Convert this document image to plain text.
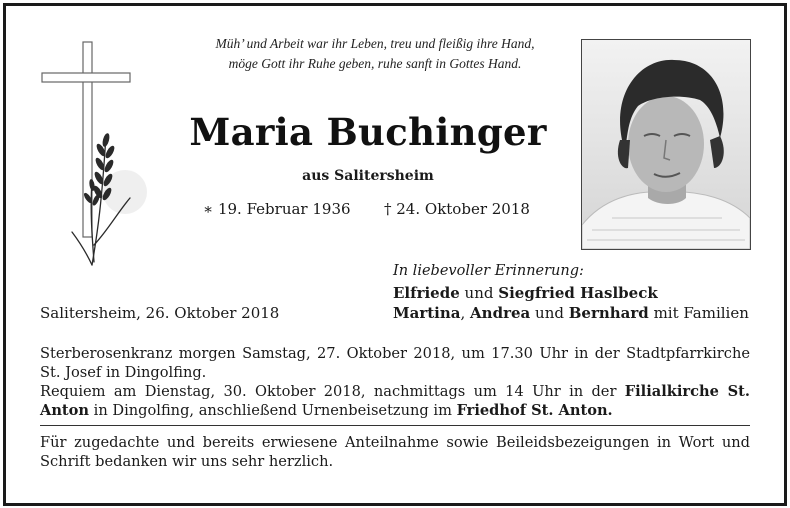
Müh’ und Arbeit war ihr Leben, treu und fleißig ihre Hand,
möge Gott ihr Ruhe geben, ruhe sanft in Gottes Hand.
Maria Buchinger
aus Salitersheim
∗ 19. Februar 1936 † 24. Oktober 2018
In liebevoller Erinnerung:
Elfriede und Siegfried Haslbeck
Martina, Andrea und Bernhard mit Familien
Salitersheim, 26. Oktober 2018
Sterberosenkranz morgen Samstag, 27. Oktober 2018, um 17.30 Uhr in der Stadtpfarrkirche St. Josef in Dingolfing.
Requiem am Dienstag, 30. Oktober 2018, nachmittags um 14 Uhr in der Filialkirche St. Anton in Dingolfing, anschließend Urnenbeisetzung im Friedhof St. Anton.
Für zugedachte und bereits erwiesene Anteilnahme sowie Beileidsbezeigungen in Wort und Schrift bedanken wir uns sehr herzlich.
